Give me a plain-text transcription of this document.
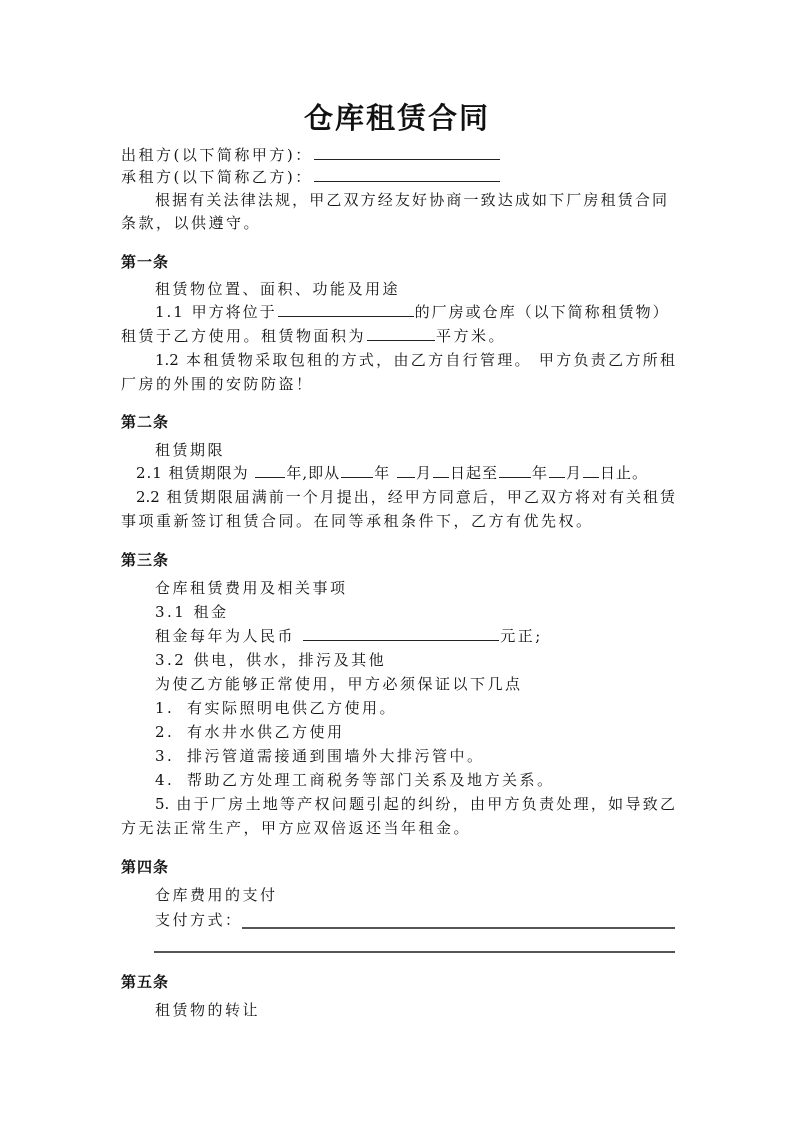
仓库租赁合同
出租方(以下简称甲方)：
承租方(以下简称乙方)：
根据有关法律法规，甲乙双方经友好协商一致达成如下厂房租赁合同
条款，以供遵守。
第一条
租赁物位置、面积、功能及用途
1.1 甲方将位于	的厂房或仓库（以下简称租赁物）
租赁于乙方使用。租赁物面积为	平方米。
1.2 本租赁物采取包租的方式，由乙方自行管理。 甲方负责乙方所租
厂房的外围的安防防盗！
第二条
租赁期限
2.1 租赁期限为 年,即从 年 月 日起至 年 月 日止。
2.2 租赁期限届满前一个月提出，经甲方同意后，甲乙双方将对有关租赁
事项重新签订租赁合同。在同等承租条件下，乙方有优先权。
第三条
仓库租赁费用及相关事项
3.1 租金
租金每年为人民币	元正;
3.2 供电，供水，排污及其他
为使乙方能够正常使用，甲方必须保证以下几点
1. 有实际照明电供乙方使用。
2. 有水井水供乙方使用
3. 排污管道需接通到围墙外大排污管中。
4. 帮助乙方处理工商税务等部门关系及地方关系。
5. 由于厂房土地等产权问题引起的纠纷，由甲方负责处理，如导致乙
方无法正常生产，甲方应双倍返还当年租金。
第四条
仓库费用的支付
支付方式：
第五条
租赁物的转让
